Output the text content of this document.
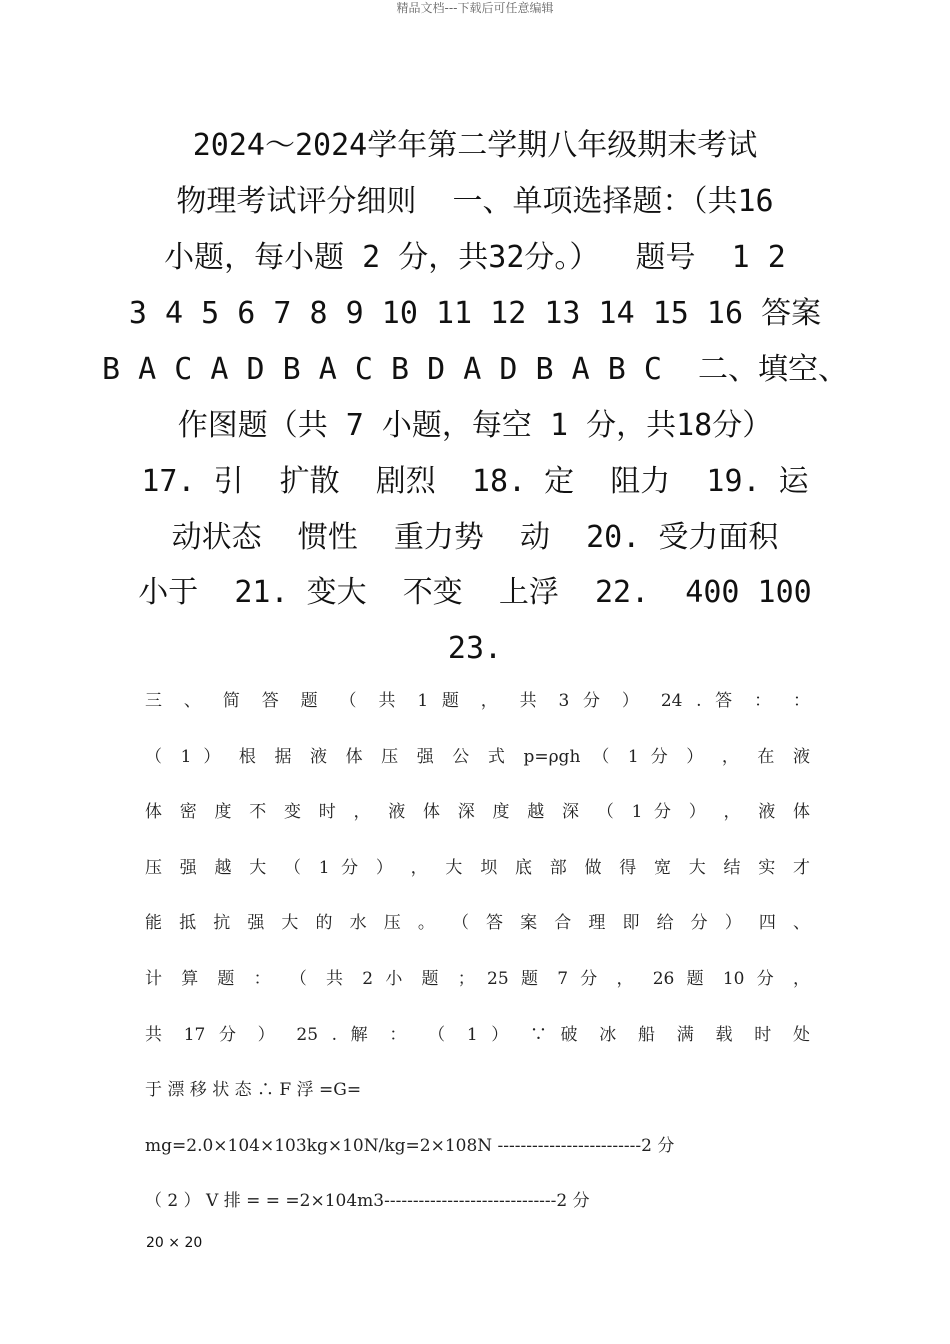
精品文档---下载后可任意编辑
2024～2024学年第二学期八年级期末考试
物理考试评分细则  一、单项选择题：（共16
小题，每小题 2 分，共32分。）  题号  1 2
3 4 5 6 7 8 9 10 11 12 13 14 15 16 答案
B A C A D B A C B D A D B A B C  二、填空、
作图题（共 7 小题，每空 1 分，共18分）
17. 引  扩散  剧烈  18. 定  阻力  19. 运
动状态  惯性  重力势  动  20. 受力面积
小于  21. 变大  不变  上浮  22.  400 100
23.
三 、 简 答 题 （ 共 1 题 ， 共 3 分 ） 24 . 答 ： ：
（ 1 ） 根 据 液 体 压 强 公 式 p=ρgh （ 1 分 ） ， 在 液
体 密 度 不 变 时 ， 液 体 深 度 越 深 （ 1 分 ） ， 液 体
压 强 越 大 （ 1 分 ） ， 大 坝 底 部 做 得 宽 大 结 实 才
能 抵 抗 强 大 的 水 压 。 （ 答 案 合 理 即 给 分 ） 四 、
计 算 题 ： （ 共 2 小 题 ； 25 题 7 分 ， 26 题 10 分 ，
共 17 分 ） 25 . 解 ： （ 1 ） ∵ 破 冰 船 满 载 时 处
于 漂 移 状 态 ∴ F 浮 =G=
mg=2.0×104×103kg×10N/kg=2×108N -------------------------2 分
（ 2 ） V 排 = = =2×104m3------------------------------2 分
20 × 20
